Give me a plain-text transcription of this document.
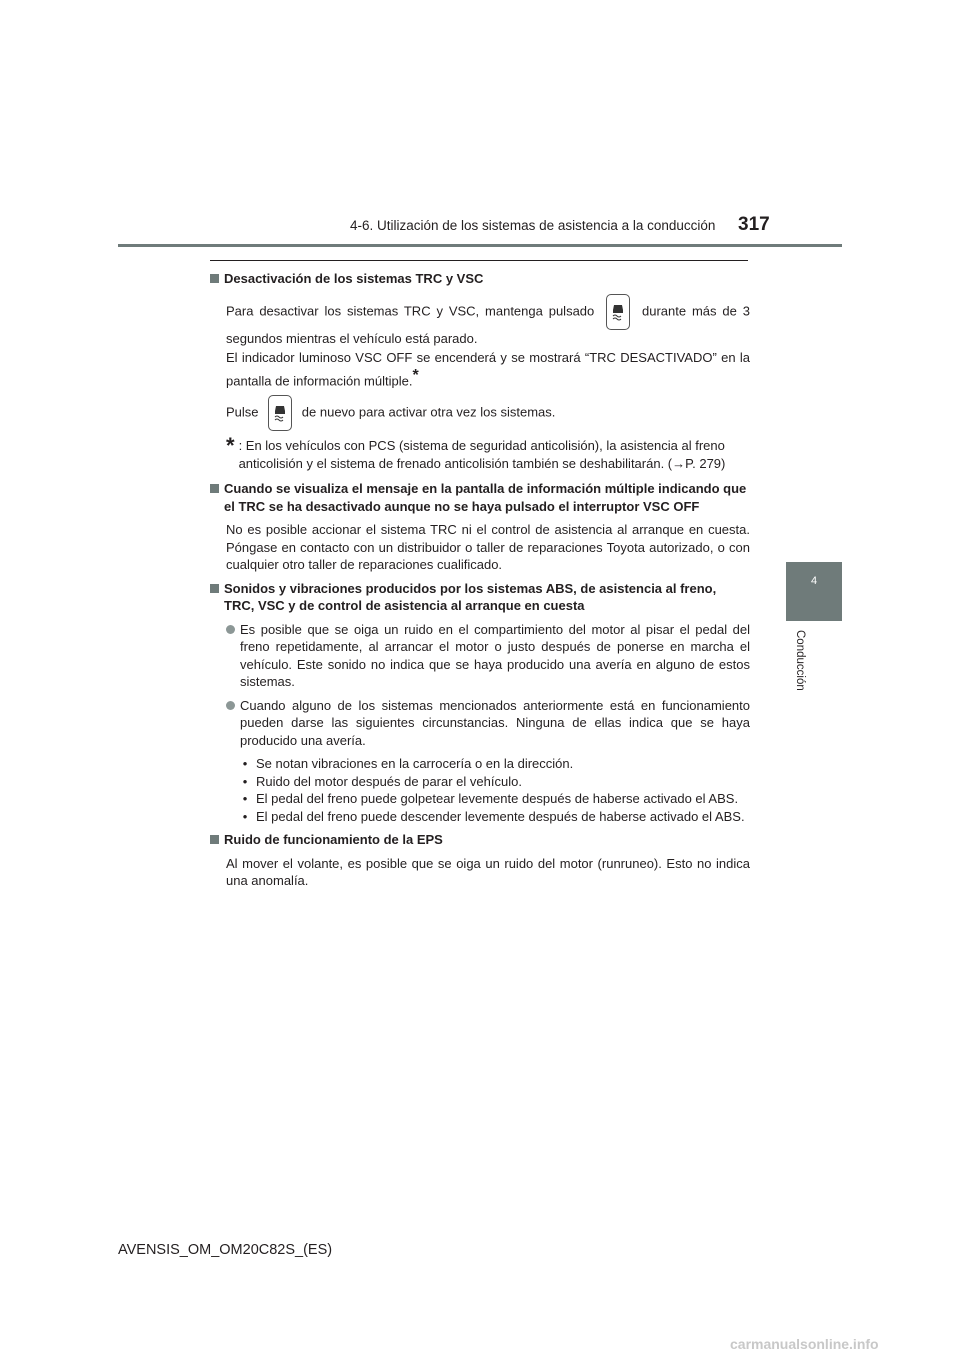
4-6. Utilización de los sistemas de asistencia a la conducción 317
4
Conducción
Desactivación de los sistemas TRC y VSC

Para desactivar los sistemas TRC y VSC, mantenga pulsado	durante más de 3 segundos mientras el vehículo está parado.

El indicador luminoso VSC OFF se encenderá y se mostrará “TRC DESACTIVADO” en la pantalla de información múltiple.*

Pulse	de nuevo para activar otra vez los sistemas.

* : En los vehículos con PCS (sistema de seguridad anticolisión), la asistencia al freno anticolisión y el sistema de frenado anticolisión también se deshabilitarán. (→P. 279)
Cuando se visualiza el mensaje en la pantalla de información múltiple indicando que el TRC se ha desactivado aunque no se haya pulsado el interruptor VSC OFF

No es posible accionar el sistema TRC ni el control de asistencia al arranque en cuesta. Póngase en contacto con un distribuidor o taller de reparaciones Toyota autorizado, o con cualquier otro taller de reparaciones cualificado.

Sonidos y vibraciones producidos por los sistemas ABS, de asistencia al freno, TRC, VSC y de control de asistencia al arranque en cuesta
Es posible que se oiga un ruido en el compartimiento del motor al pisar el pedal del freno repetidamente, al arrancar el motor o justo después de ponerse en marcha el vehículo. Este sonido no indica que se haya producido una avería en alguno de estos sistemas.
Cuando alguno de los sistemas mencionados anteriormente está en funcionamiento pueden darse las siguientes circunstancias. Ninguna de ellas indica que se haya producido una avería.
• Se notan vibraciones en la carrocería o en la dirección.
• Ruido del motor después de parar el vehículo.
• El pedal del freno puede golpetear levemente después de haberse activado el ABS.
• El pedal del freno puede descender levemente después de haberse activado el ABS.
Ruido de funcionamiento de la EPS

Al mover el volante, es posible que se oiga un ruido del motor (runruneo). Esto no indica una anomalía.

AVENSIS_OM_OM20C82S_(ES)
carmanualsonline.info
